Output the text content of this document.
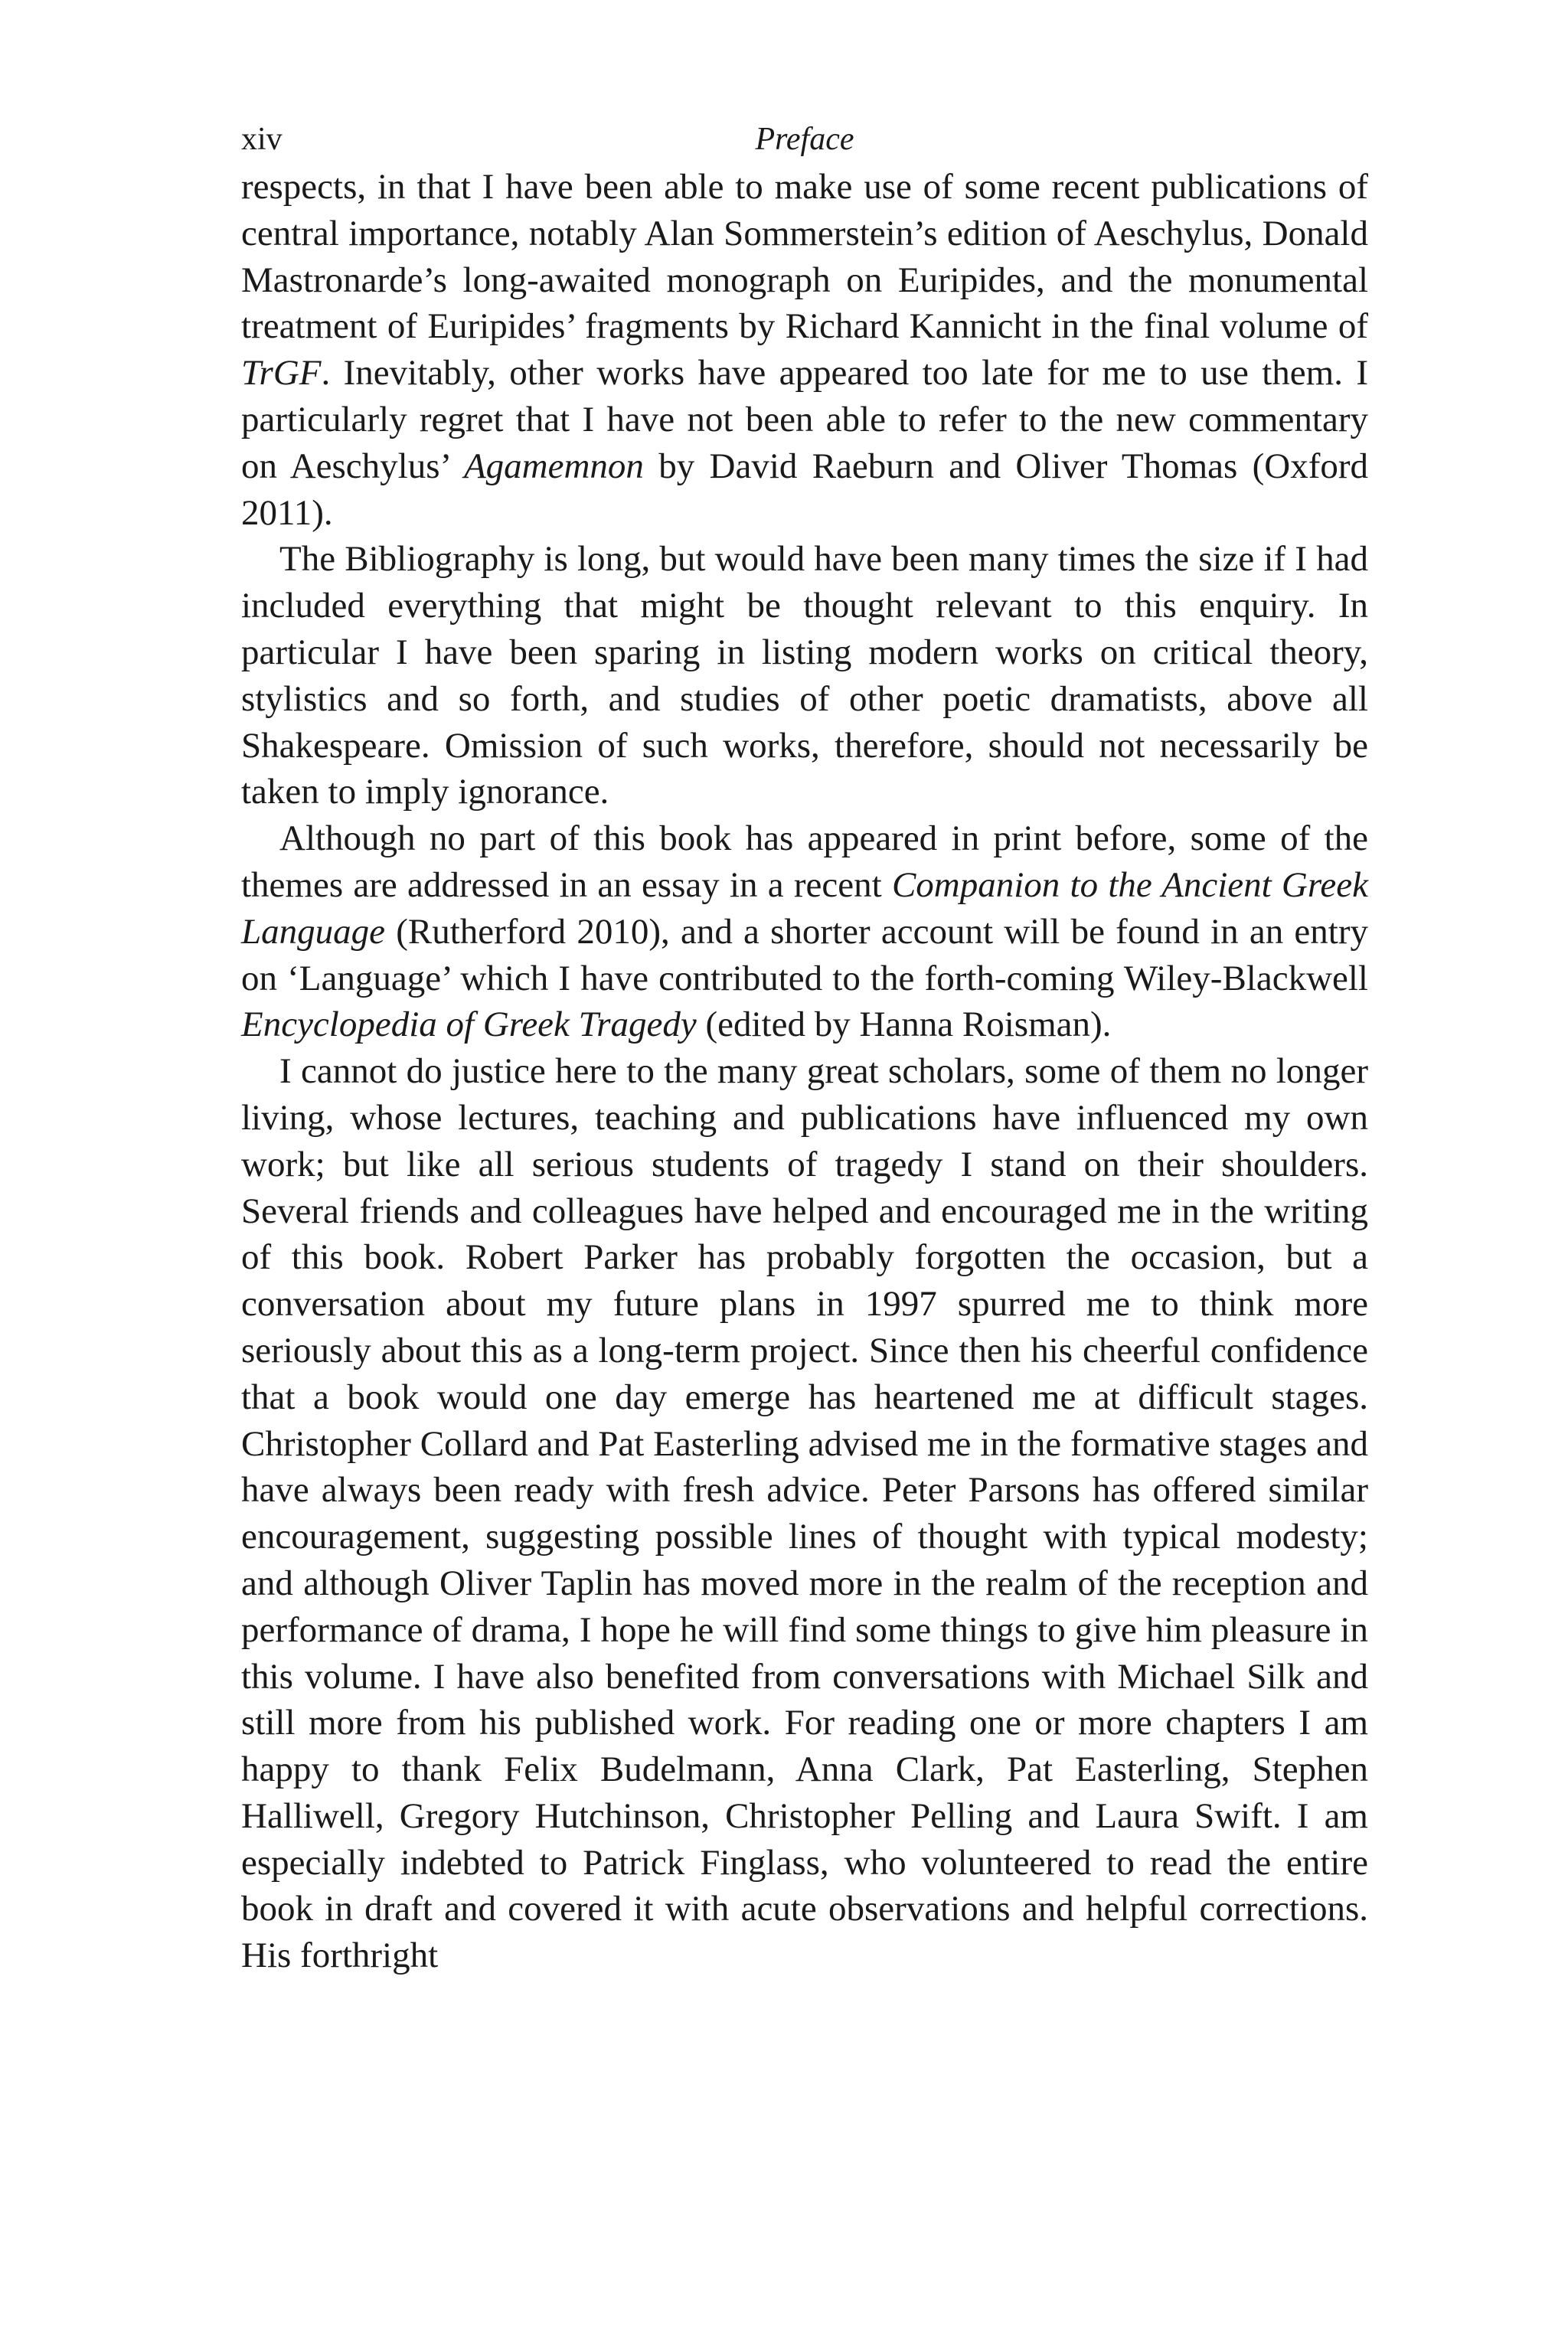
xiv	Preface

respects, in that I have been able to make use of some recent publications of central importance, notably Alan Sommerstein’s edition of Aeschylus, Donald Mastronarde’s long-awaited monograph on Euripides, and the monumental treatment of Euripides’ fragments by Richard Kannicht in the final volume of TrGF. Inevitably, other works have appeared too late for me to use them. I particularly regret that I have not been able to refer to the new commentary on Aeschylus’ Agamemnon by David Raeburn and Oliver Thomas (Oxford 2011).

The Bibliography is long, but would have been many times the size if I had included everything that might be thought relevant to this enquiry. In particular I have been sparing in listing modern works on critical theory, stylistics and so forth, and studies of other poetic dramatists, above all Shakespeare. Omission of such works, therefore, should not necessarily be taken to imply ignorance.

Although no part of this book has appeared in print before, some of the themes are addressed in an essay in a recent Companion to the Ancient Greek Language (Rutherford 2010), and a shorter account will be found in an entry on ‘Language’ which I have contributed to the forth-coming Wiley-Blackwell Encyclopedia of Greek Tragedy (edited by Hanna Roisman).

I cannot do justice here to the many great scholars, some of them no longer living, whose lectures, teaching and publications have influenced my own work; but like all serious students of tragedy I stand on their shoulders. Several friends and colleagues have helped and encouraged me in the writing of this book. Robert Parker has probably forgotten the occasion, but a conversation about my future plans in 1997 spurred me to think more seriously about this as a long-term project. Since then his cheerful confidence that a book would one day emerge has heartened me at difficult stages. Christopher Collard and Pat Easterling advised me in the formative stages and have always been ready with fresh advice. Peter Parsons has offered similar encouragement, suggesting possible lines of thought with typical modesty; and although Oliver Taplin has moved more in the realm of the reception and performance of drama, I hope he will find some things to give him pleasure in this volume. I have also benefited from conversations with Michael Silk and still more from his published work. For reading one or more chapters I am happy to thank Felix Budelmann, Anna Clark, Pat Easterling, Stephen Halliwell, Gregory Hutchinson, Christopher Pelling and Laura Swift. I am especially indebted to Patrick Finglass, who volunteered to read the entire book in draft and covered it with acute observations and helpful corrections. His forthright
